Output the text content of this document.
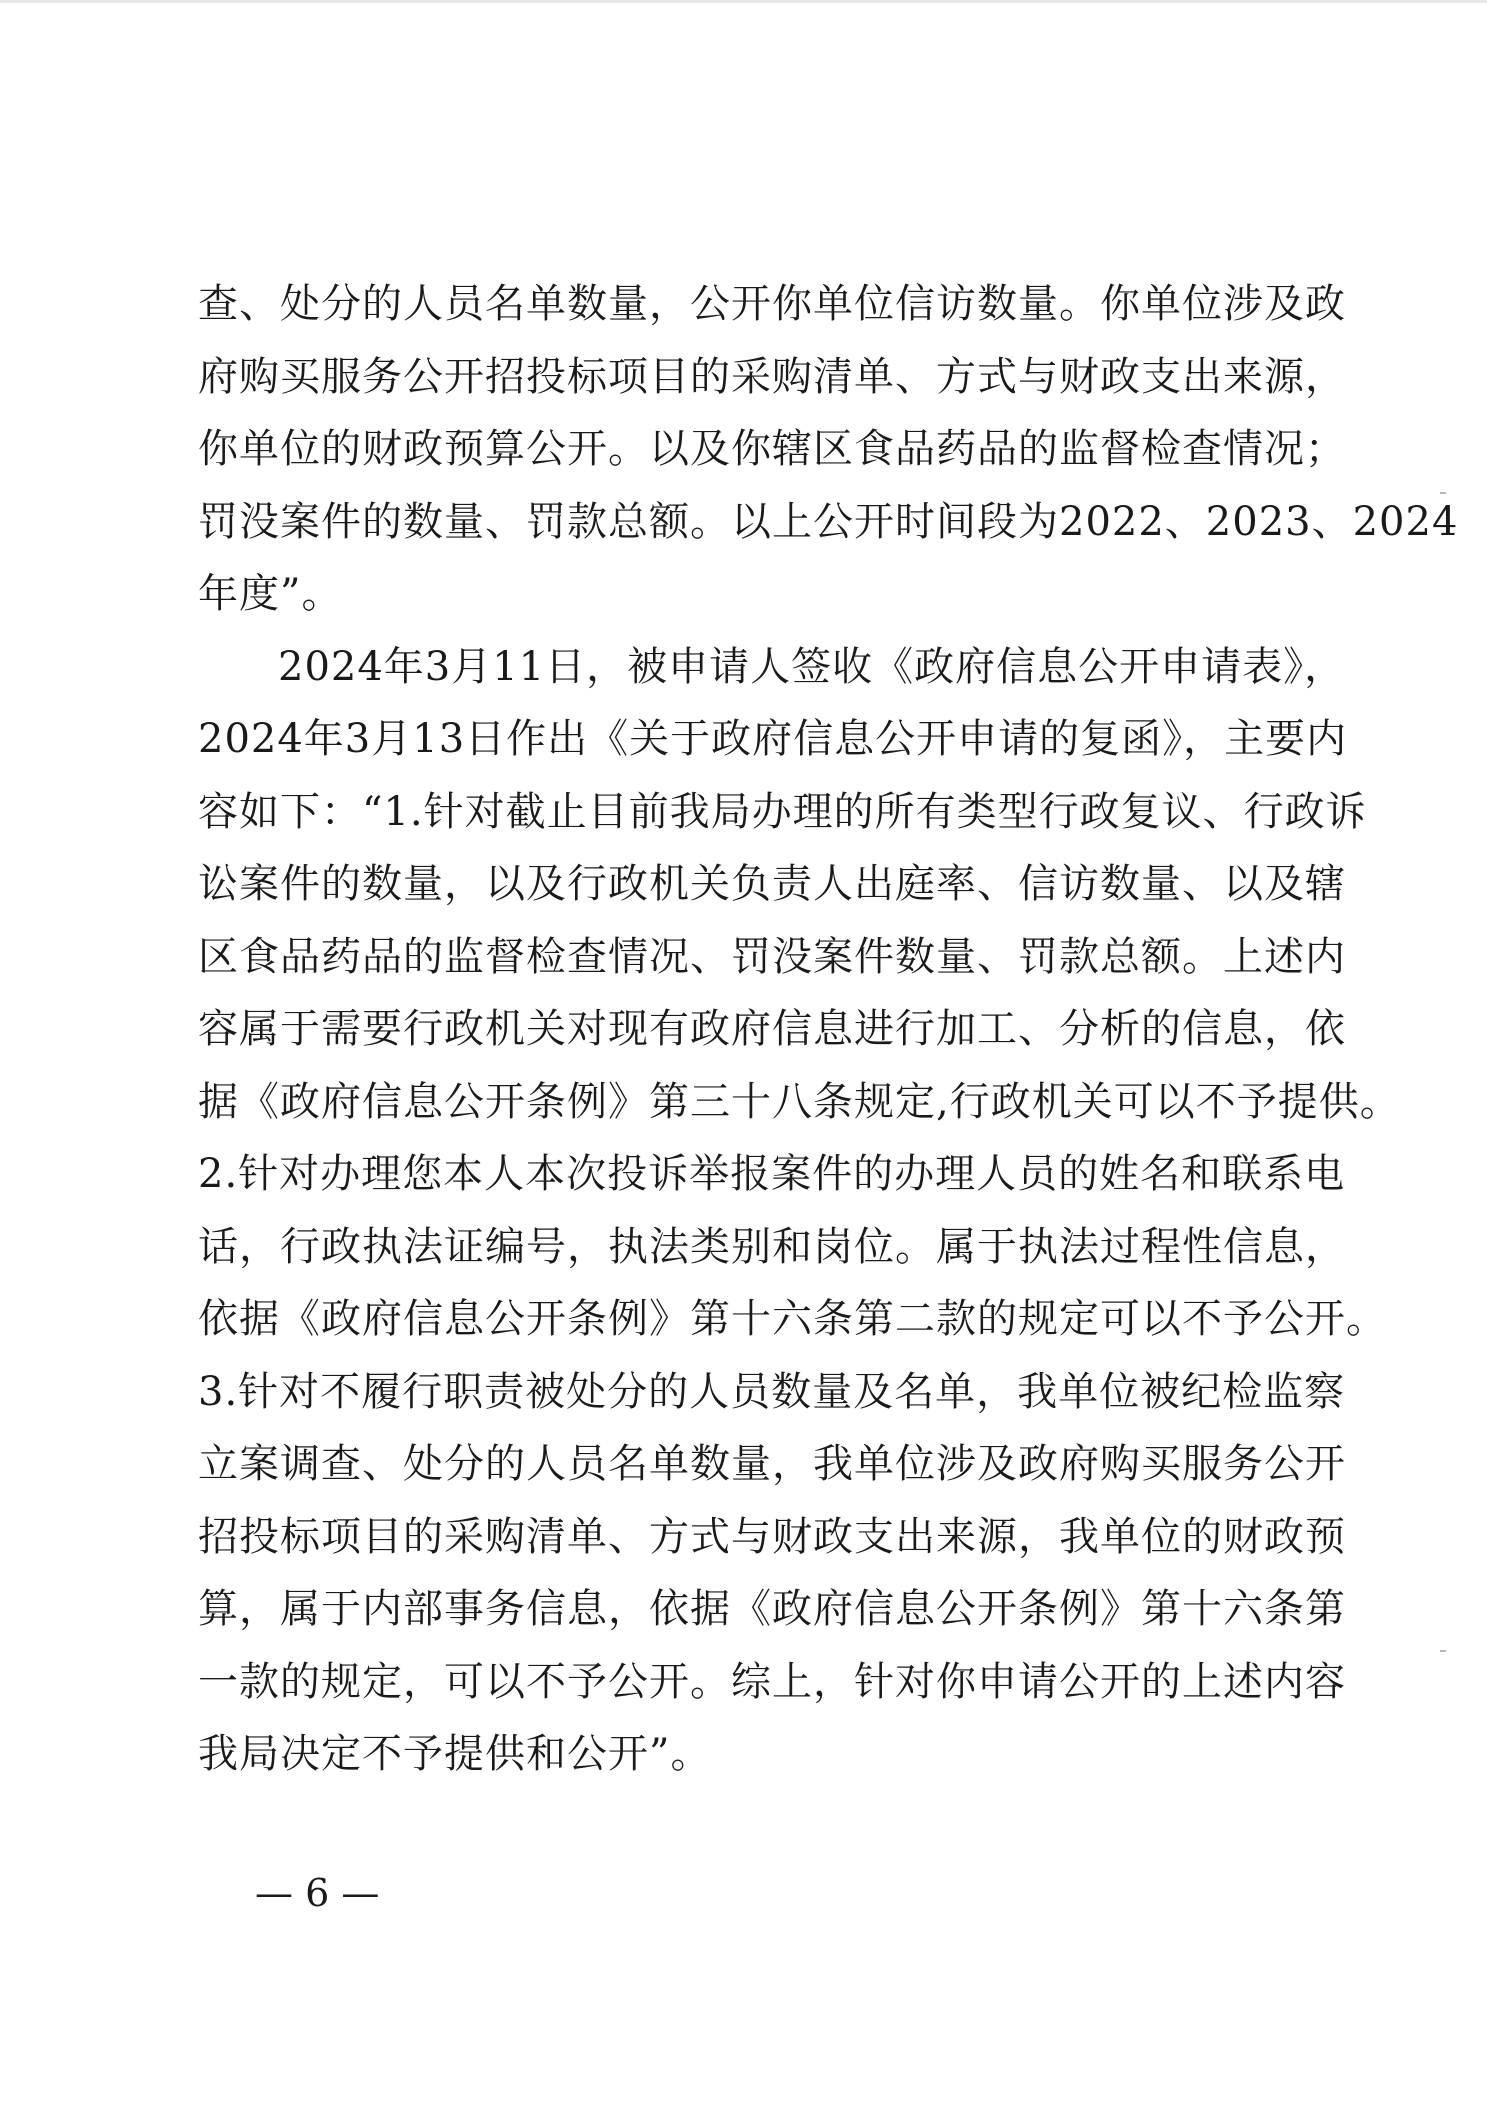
查、处分的人员名单数量，公开你单位信访数量。你单位涉及政
府购买服务公开招投标项目的采购清单、方式与财政支出来源，
你单位的财政预算公开。以及你辖区食品药品的监督检查情况；
罚没案件的数量、罚款总额。以上公开时间段为2022、2023、2024
年度”。
2024年3月11日，被申请人签收《政府信息公开申请表》，
2024年3月13日作出《关于政府信息公开申请的复函》，主要内
容如下：“1.针对截止目前我局办理的所有类型行政复议、行政诉
讼案件的数量，以及行政机关负责人出庭率、信访数量、以及辖
区食品药品的监督检查情况、罚没案件数量、罚款总额。上述内
容属于需要行政机关对现有政府信息进行加工、分析的信息，依
据《政府信息公开条例》第三十八条规定,行政机关可以不予提供。
2.针对办理您本人本次投诉举报案件的办理人员的姓名和联系电
话，行政执法证编号，执法类别和岗位。属于执法过程性信息，
依据《政府信息公开条例》第十六条第二款的规定可以不予公开。
3.针对不履行职责被处分的人员数量及名单，我单位被纪检监察
立案调查、处分的人员名单数量，我单位涉及政府购买服务公开
招投标项目的采购清单、方式与财政支出来源，我单位的财政预
算，属于内部事务信息，依据《政府信息公开条例》第十六条第
一款的规定，可以不予公开。综上，针对你申请公开的上述内容
我局决定不予提供和公开”。
— 6 —
